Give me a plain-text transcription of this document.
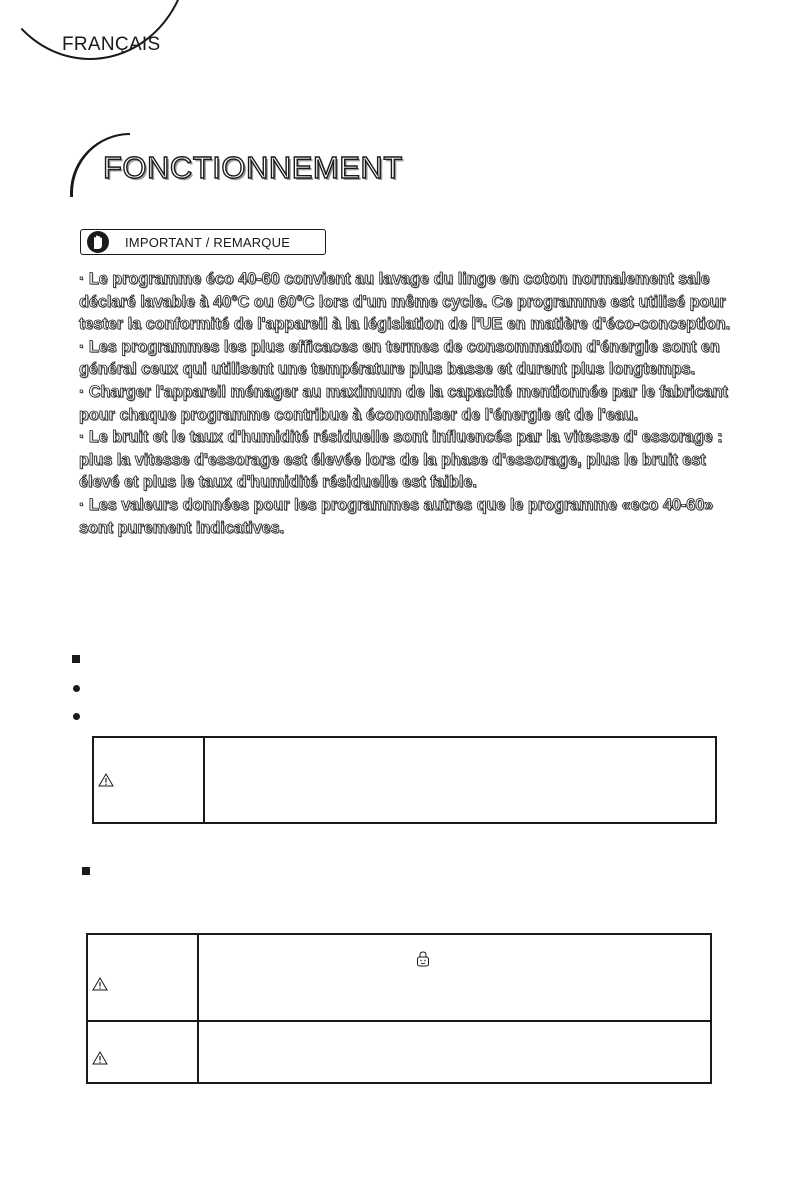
FRANÇAIS
FONCTIONNEMENT
IMPORTANT / REMARQUE

· Le programme éco 40-60 convient au lavage du linge en coton normalement sale déclaré lavable à 40°C ou 60°C lors d'un même cycle. Ce programme est utilisé pour tester la conformité de l'appareil à la législation de l'UE en matière d'éco-conception.

· Les programmes les plus efficaces en termes de consommation d'énergie sont en général ceux qui utilisent une température plus basse et durent plus longtemps.

· Charger l'appareil ménager au maximum de la capacité mentionnée par le fabricant pour chaque programme contribue à économiser de l'énergie et de l'eau.

· Le bruit et le taux d'humidité résiduelle sont influencés par la vitesse d' essorage : plus la vitesse d'essorage est élevée lors de la phase d'essorage, plus le bruit est élevé et plus le taux d'humidité résiduelle est faible.

· Les valeurs données pour les programmes autres que le programme «eco 40-60» sont purement indicatives.
